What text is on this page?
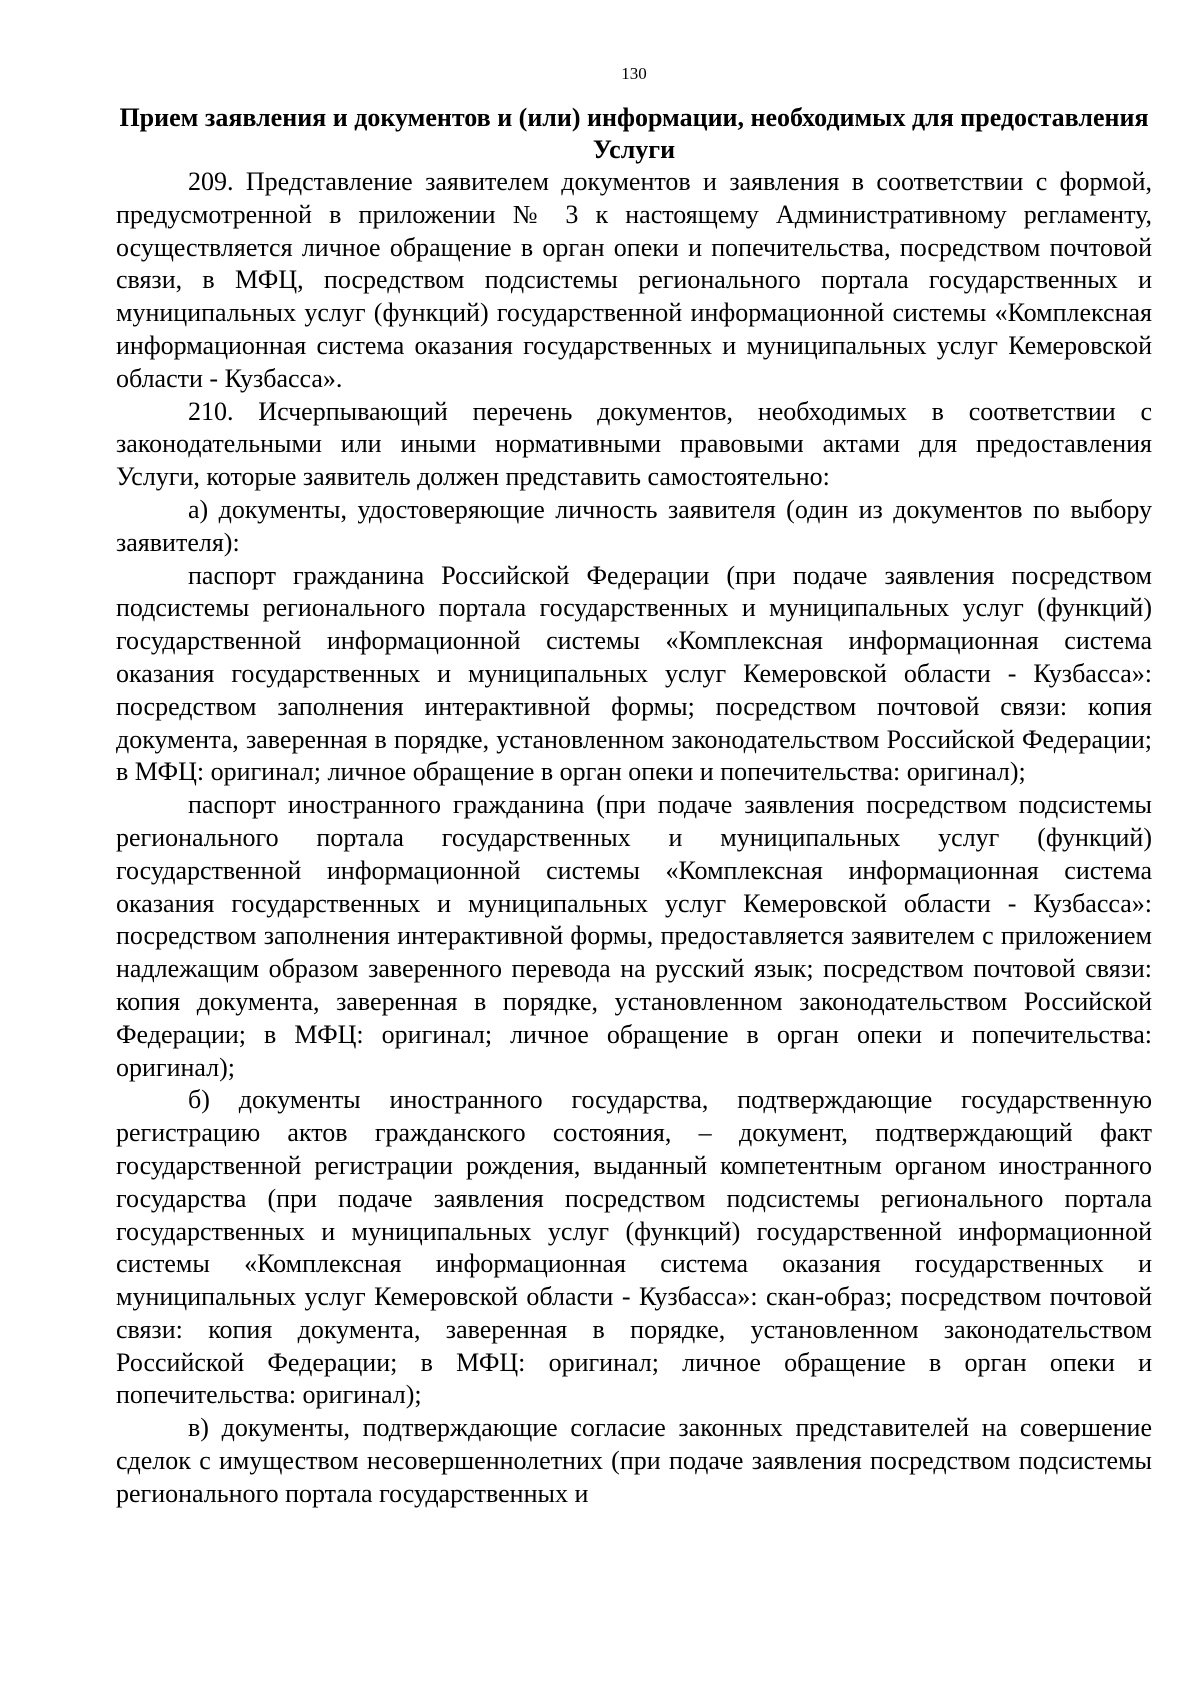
130
Прием заявления и документов и (или) информации, необходимых для предоставления Услуги

209. Представление заявителем документов и заявления в соответствии с формой, предусмотренной в приложении № 3 к настоящему Административному регламенту, осуществляется личное обращение в орган опеки и попечительства, посредством почтовой связи, в МФЦ, посредством подсистемы регионального портала государственных и муниципальных услуг (функций) государственной информационной системы «Комплексная информационная система оказания государственных и муниципальных услуг Кемеровской области - Кузбасса».

210. Исчерпывающий перечень документов, необходимых в соответствии с законодательными или иными нормативными правовыми актами для предоставления Услуги, которые заявитель должен представить самостоятельно:

а) документы, удостоверяющие личность заявителя (один из документов по выбору заявителя):

паспорт гражданина Российской Федерации (при подаче заявления посредством подсистемы регионального портала государственных и муниципальных услуг (функций) государственной информационной системы «Комплексная информационная система оказания государственных и муниципальных услуг Кемеровской области - Кузбасса»: посредством заполнения интерактивной формы; посредством почтовой связи: копия документа, заверенная в порядке, установленном законодательством Российской Федерации; в МФЦ: оригинал; личное обращение в орган опеки и попечительства: оригинал);

паспорт иностранного гражданина (при подаче заявления посредством подсистемы регионального портала государственных и муниципальных услуг (функций) государственной информационной системы «Комплексная информационная система оказания государственных и муниципальных услуг Кемеровской области - Кузбасса»: посредством заполнения интерактивной формы, предоставляется заявителем с приложением надлежащим образом заверенного перевода на русский язык; посредством почтовой связи: копия документа, заверенная в порядке, установленном законодательством Российской Федерации; в МФЦ: оригинал; личное обращение в орган опеки и попечительства: оригинал);

б) документы иностранного государства, подтверждающие государственную регистрацию актов гражданского состояния, – документ, подтверждающий факт государственной регистрации рождения, выданный компетентным органом иностранного государства (при подаче заявления посредством подсистемы регионального портала государственных и муниципальных услуг (функций) государственной информационной системы «Комплексная информационная система оказания государственных и муниципальных услуг Кемеровской области - Кузбасса»: скан-образ; посредством почтовой связи: копия документа, заверенная в порядке, установленном законодательством Российской Федерации; в МФЦ: оригинал; личное обращение в орган опеки и попечительства: оригинал);

в) документы, подтверждающие согласие законных представителей на совершение сделок с имуществом несовершеннолетних (при подаче заявления посредством подсистемы регионального портала государственных и
